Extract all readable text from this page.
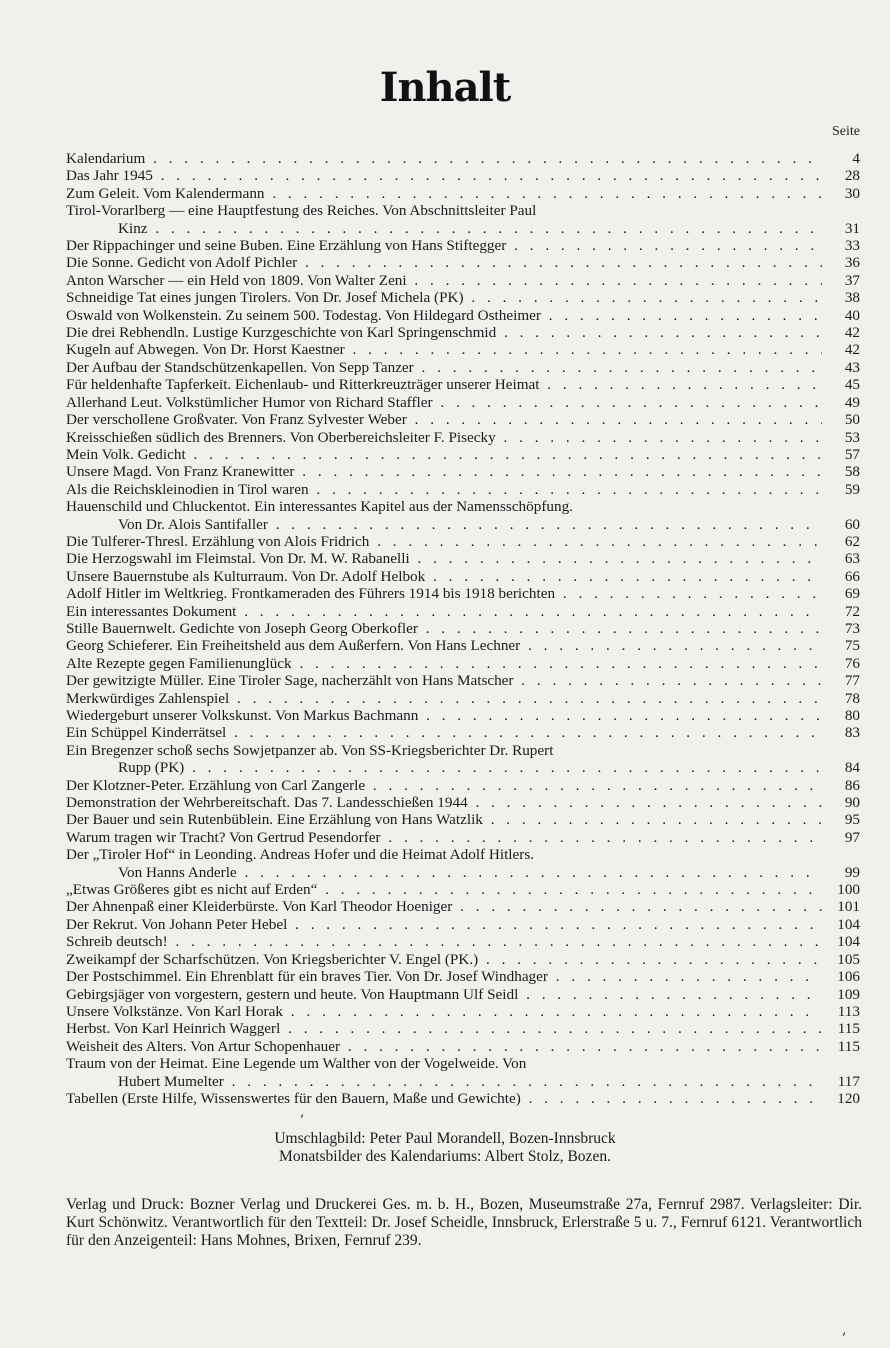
Inhalt
Seite
Kalendarium . . .	4
Das Jahr 1945 . . .	28
Zum Geleit. Vom Kalendermann . . .	30
Tirol-Vorarlberg — eine Hauptfestung des Reiches. Von Abschnittsleiter Paul
Kinz . . .	31
Der Rippachinger und seine Buben. Eine Erzählung von Hans Stiftegger . . .	33
Die Sonne. Gedicht von Adolf Pichler . . .	36
Anton Warscher — ein Held von 1809. Von Walter Zeni . . .	37
Schneidige Tat eines jungen Tirolers. Von Dr. Josef Michela (PK) . . .	38
Oswald von Wolkenstein. Zu seinem 500. Todestag. Von Hildegard Ostheimer . . .	40
Die drei Rebhendln. Lustige Kurzgeschichte von Karl Springenschmid . . .	42
Kugeln auf Abwegen. Von Dr. Horst Kaestner . . .	42
Der Aufbau der Standschützenkapellen. Von Sepp Tanzer . . .	43
Für heldenhafte Tapferkeit. Eichenlaub- und Ritterkreuzträger unserer Heimat . . .	45
Allerhand Leut. Volkstümlicher Humor von Richard Staffler . . .	49
Der verschollene Großvater. Von Franz Sylvester Weber . . .	50
Kreisschießen südlich des Brenners. Von Oberbereichsleiter F. Pisecky . . .	53
Mein Volk. Gedicht . . .	57
Unsere Magd. Von Franz Kranewitter . . .	58
Als die Reichskleinodien in Tirol waren . . .	59
Hauenschild und Chluckentot. Ein interessantes Kapitel aus der Namensschöpfung.
Von Dr. Alois Santifaller . . .	60
Die Tulferer-Thresl. Erzählung von Alois Fridrich . . .	62
Die Herzogswahl im Fleimstal. Von Dr. M. W. Rabanelli . . .	63
Unsere Bauernstube als Kulturraum. Von Dr. Adolf Helbok . . .	66
Adolf Hitler im Weltkrieg. Frontkameraden des Führers 1914 bis 1918 berichten . . .	69
Ein interessantes Dokument . . .	72
Stille Bauernwelt. Gedichte von Joseph Georg Oberkofler . . .	73
Georg Schieferer. Ein Freiheitsheld aus dem Außerfern. Von Hans Lechner . . .	75
Alte Rezepte gegen Familienunglück . . .	76
Der gewitzigte Müller. Eine Tiroler Sage, nacherzählt von Hans Matscher . . .	77
Merkwürdiges Zahlenspiel . . .	78
Wiedergeburt unserer Volkskunst. Von Markus Bachmann . . .	80
Ein Schüppel Kinderrätsel . . .	83
Ein Bregenzer schoß sechs Sowjetpanzer ab. Von SS-Kriegsberichter Dr. Rupert
Rupp (PK) . . .	84
Der Klotzner-Peter. Erzählung von Carl Zangerle . . .	86
Demonstration der Wehrbereitschaft. Das 7. Landesschießen 1944 . . .	90
Der Bauer und sein Rutenbüblein. Eine Erzählung von Hans Watzlik . . .	95
Warum tragen wir Tracht? Von Gertrud Pesendorfer . . .	97
Der „Tiroler Hof“ in Leonding. Andreas Hofer und die Heimat Adolf Hitlers.
Von Hanns Anderle . . .	99
„Etwas Größeres gibt es nicht auf Erden“ . . .	100
Der Ahnenpaß einer Kleiderbürste. Von Karl Theodor Hoeniger . . .	101
Der Rekrut. Von Johann Peter Hebel . . .	104
Schreib deutsch! . . .	104
Zweikampf der Scharfschützen. Von Kriegsberichter V. Engel (PK.) . . .	105
Der Postschimmel. Ein Ehrenblatt für ein braves Tier. Von Dr. Josef Windhager . . .	106
Gebirgsjäger von vorgestern, gestern und heute. Von Hauptmann Ulf Seidl . . .	109
Unsere Volkstänze. Von Karl Horak . . .	113
Herbst. Von Karl Heinrich Waggerl . . .	115
Weisheit des Alters. Von Artur Schopenhauer . . .	115
Traum von der Heimat. Eine Legende um Walther von der Vogelweide. Von
Hubert Mumelter . . .	117
Tabellen (Erste Hilfe, Wissenswertes für den Bauern, Maße und Gewichte) . . .	120
Umschlagbild: Peter Paul Morandell, Bozen-Innsbruck
Monatsbilder des Kalendariums: Albert Stolz, Bozen.
Verlag und Druck: Bozner Verlag und Druckerei Ges. m. b. H., Bozen, Museumstraße 27a, Fernruf 2987. Verlagsleiter: Dir. Kurt Schönwitz. Verantwortlich für den Textteil: Dr. Josef Scheidle, Innsbruck, Erlerstraße 5 u. 7., Fernruf 6121. Verantwortlich für den Anzeigenteil: Hans Mohnes, Brixen, Fernruf 239.
,
,
